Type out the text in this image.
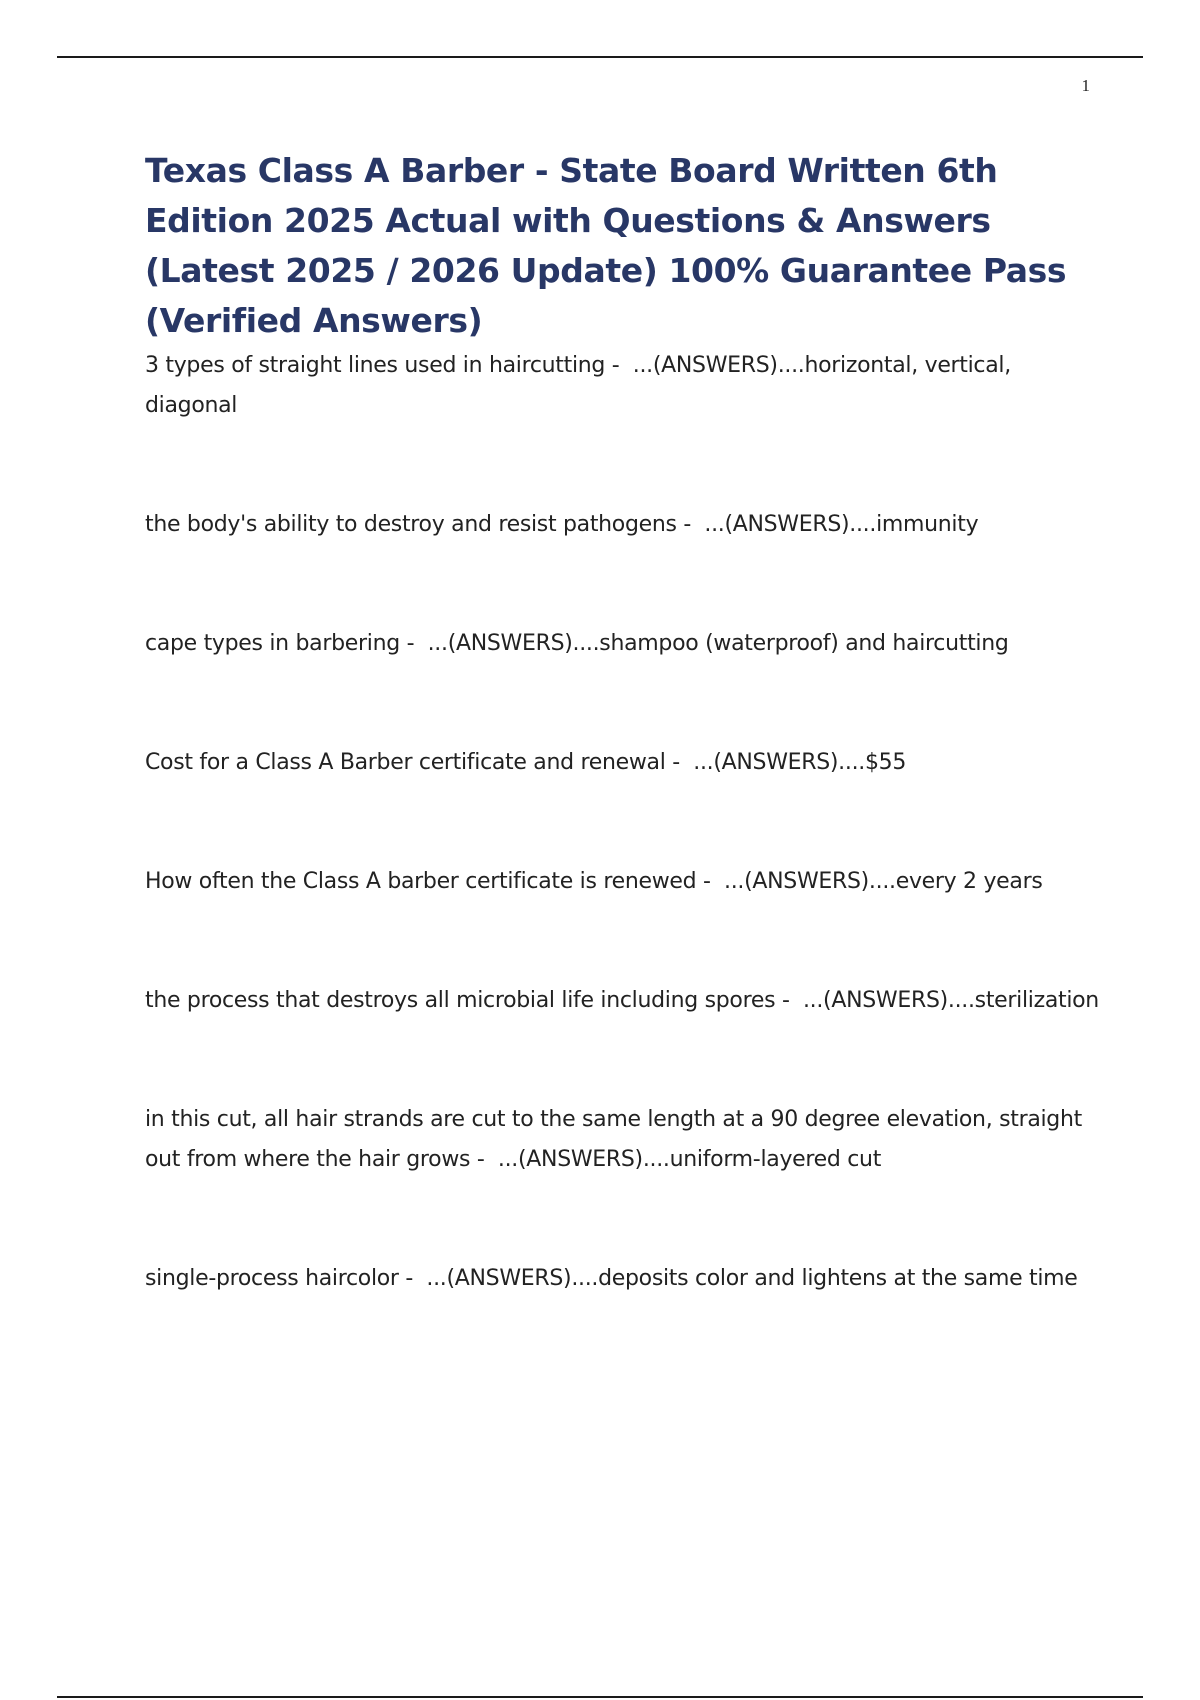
1
Texas Class A Barber - State Board Written 6th Edition 2025 Actual with Questions & Answers (Latest 2025 / 2026 Update) 100% Guarantee Pass (Verified Answers)
3 types of straight lines used in haircutting -  ...(ANSWERS)....horizontal, vertical, diagonal
the body's ability to destroy and resist pathogens -  ...(ANSWERS)....immunity
cape types in barbering -  ...(ANSWERS)....shampoo (waterproof) and haircutting
Cost for a Class A Barber certificate and renewal -  ...(ANSWERS)....$55
How often the Class A barber certificate is renewed -  ...(ANSWERS)....every 2 years
the process that destroys all microbial life including spores -  ...(ANSWERS)....sterilization
in this cut, all hair strands are cut to the same length at a 90 degree elevation, straight out from where the hair grows -  ...(ANSWERS)....uniform-layered cut
single-process haircolor -  ...(ANSWERS)....deposits color and lightens at the same time
